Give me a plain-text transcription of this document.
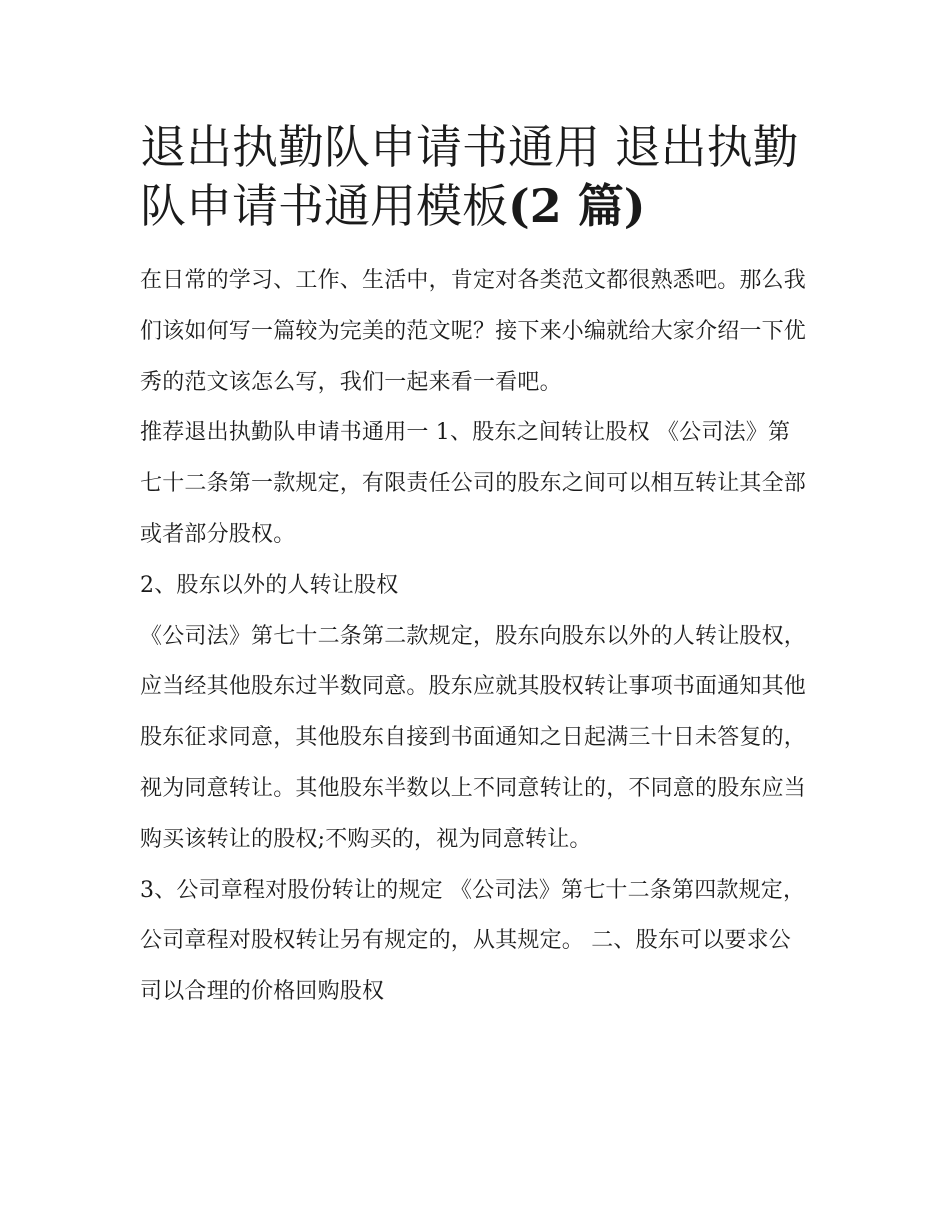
退出执勤队申请书通用 退出执勤队申请书通用模板(2 篇)

在日常的学习、工作、生活中，肯定对各类范文都很熟悉吧。那么我们该如何写一篇较为完美的范文呢？接下来小编就给大家介绍一下优秀的范文该怎么写，我们一起来看一看吧。

推荐退出执勤队申请书通用一 1、股东之间转让股权 《公司法》第七十二条第一款规定，有限责任公司的股东之间可以相互转让其全部或者部分股权。

2、股东以外的人转让股权

《公司法》第七十二条第二款规定，股东向股东以外的人转让股权，应当经其他股东过半数同意。股东应就其股权转让事项书面通知其他股东征求同意，其他股东自接到书面通知之日起满三十日未答复的，视为同意转让。其他股东半数以上不同意转让的，不同意的股东应当购买该转让的股权;不购买的，视为同意转让。

3、公司章程对股份转让的规定 《公司法》第七十二条第四款规定，公司章程对股权转让另有规定的，从其规定。 二、股东可以要求公司以合理的价格回购股权
